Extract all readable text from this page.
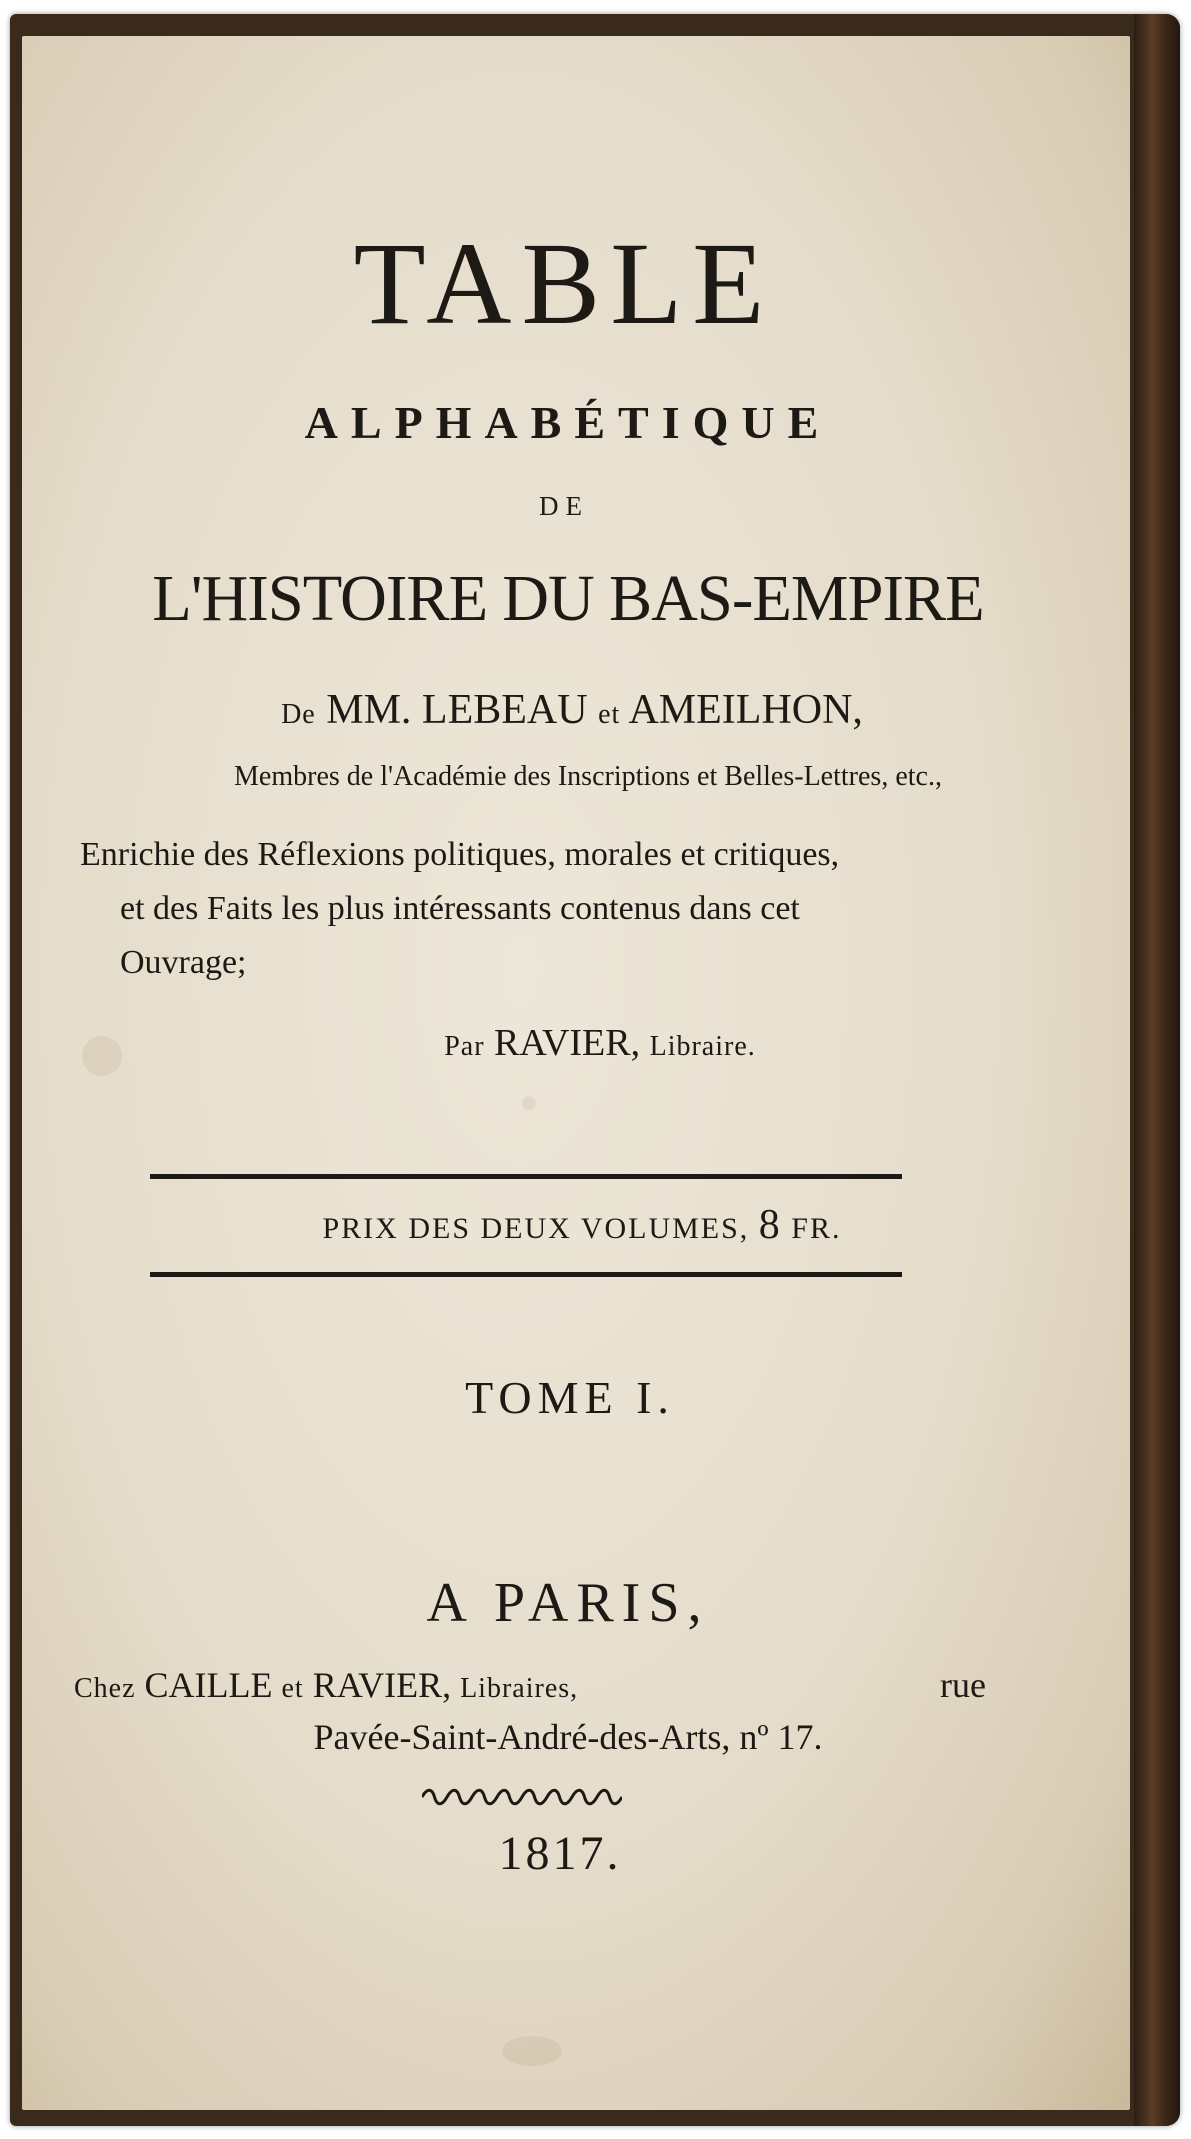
TABLE
ALPHABÉTIQUE
DE
L'HISTOIRE DU BAS-EMPIRE
De MM. LEBEAU et AMEILHON,
Membres de l'Académie des Inscriptions et Belles-Lettres, etc.,
Enrichie des Réflexions politiques, morales et critiques,
et des Faits les plus intéressants contenus dans cet
Ouvrage;
Par RAVIER, Libraire.
PRIX DES DEUX VOLUMES, 8 FR.
TOME I.
A PARIS,
Chez CAILLE et RAVIER, Libraires,	rue
Pavée-Saint-André-des-Arts, nº 17.
1817.
